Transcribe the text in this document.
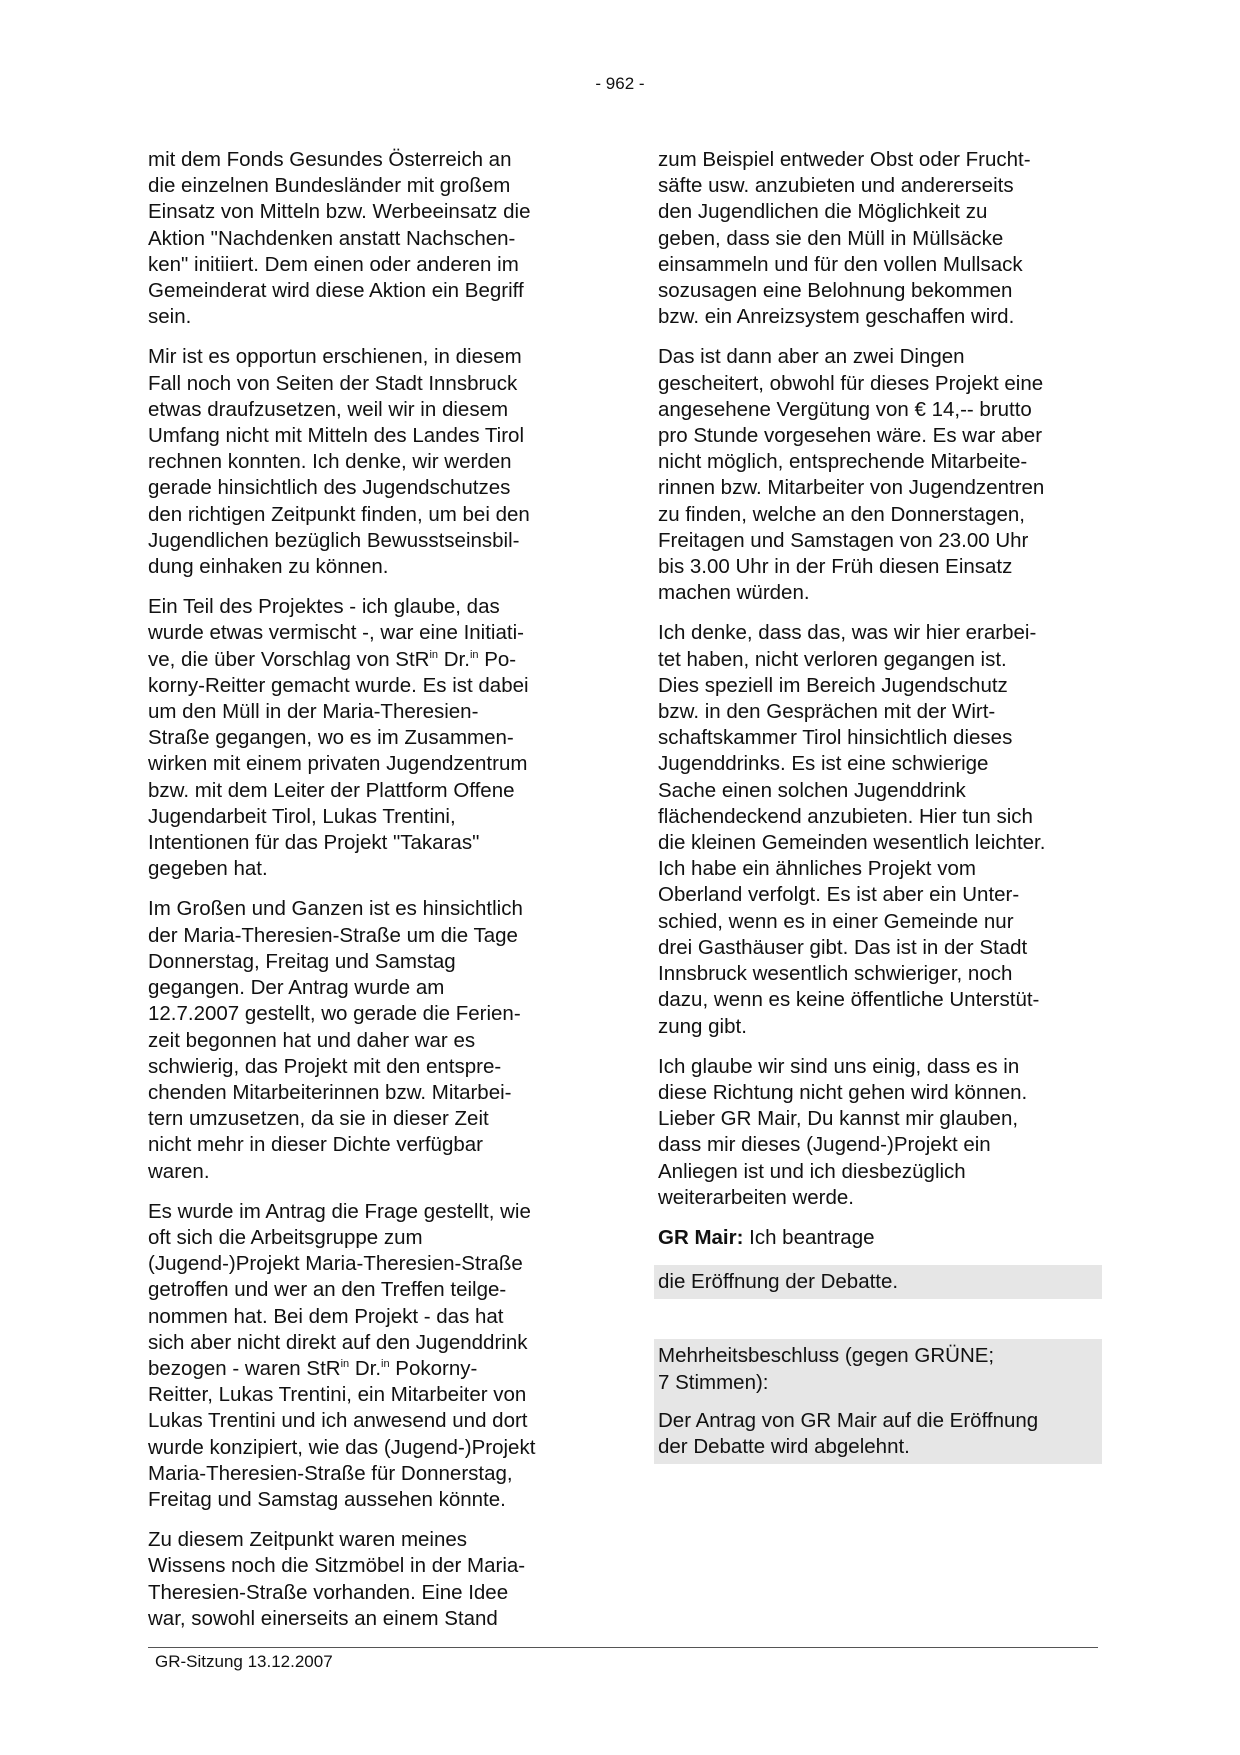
- 962 -

mit dem Fonds Gesundes Österreich an
die einzelnen Bundesländer mit großem
Einsatz von Mitteln bzw. Werbeeinsatz die
Aktion "Nachdenken anstatt Nachschen-
ken" initiiert. Dem einen oder anderen im
Gemeinderat wird diese Aktion ein Begriff
sein.

Mir ist es opportun erschienen, in diesem
Fall noch von Seiten der Stadt Innsbruck
etwas draufzusetzen, weil wir in diesem
Umfang nicht mit Mitteln des Landes Tirol
rechnen konnten. Ich denke, wir werden
gerade hinsichtlich des Jugendschutzes
den richtigen Zeitpunkt finden, um bei den
Jugendlichen bezüglich Bewusstseinsbil-
dung einhaken zu können.

Ein Teil des Projektes - ich glaube, das
wurde etwas vermischt -, war eine Initiati-
ve, die über Vorschlag von StR$^{in}$ Dr.$^{in}$ Po-
korny-Reitter gemacht wurde. Es ist dabei
um den Müll in der Maria-Theresien-
Straße gegangen, wo es im Zusammen-
wirken mit einem privaten Jugendzentrum
bzw. mit dem Leiter der Plattform Offene
Jugendarbeit Tirol, Lukas Trentini,
Intentionen für das Projekt "Takaras"
gegeben hat.

Im Großen und Ganzen ist es hinsichtlich
der Maria-Theresien-Straße um die Tage
Donnerstag, Freitag und Samstag
gegangen. Der Antrag wurde am
12.7.2007 gestellt, wo gerade die Ferien-
zeit begonnen hat und daher war es
schwierig, das Projekt mit den entspre-
chenden Mitarbeiterinnen bzw. Mitarbei-
tern umzusetzen, da sie in dieser Zeit
nicht mehr in dieser Dichte verfügbar
waren.

Es wurde im Antrag die Frage gestellt, wie
oft sich die Arbeitsgruppe zum
(Jugend-)Projekt Maria-Theresien-Straße
getroffen und wer an den Treffen teilge-
nommen hat. Bei dem Projekt - das hat
sich aber nicht direkt auf den Jugenddrink
bezogen - waren StR$^{in}$ Dr.$^{in}$ Pokorny-
Reitter, Lukas Trentini, ein Mitarbeiter von
Lukas Trentini und ich anwesend und dort
wurde konzipiert, wie das (Jugend-)Projekt
Maria-Theresien-Straße für Donnerstag,
Freitag und Samstag aussehen könnte.

Zu diesem Zeitpunkt waren meines
Wissens noch die Sitzmöbel in der Maria-
Theresien-Straße vorhanden. Eine Idee
war, sowohl einerseits an einem Stand

zum Beispiel entweder Obst oder Frucht-
säfte usw. anzubieten und andererseits
den Jugendlichen die Möglichkeit zu
geben, dass sie den Müll in Müllsäcke
einsammeln und für den vollen Mullsack
sozusagen eine Belohnung bekommen
bzw. ein Anreizsystem geschaffen wird.

Das ist dann aber an zwei Dingen
gescheitert, obwohl für dieses Projekt eine
angesehene Vergütung von € 14,-- brutto
pro Stunde vorgesehen wäre. Es war aber
nicht möglich, entsprechende Mitarbeite-
rinnen bzw. Mitarbeiter von Jugendzentren
zu finden, welche an den Donnerstagen,
Freitagen und Samstagen von 23.00 Uhr
bis 3.00 Uhr in der Früh diesen Einsatz
machen würden.

Ich denke, dass das, was wir hier erarbei-
tet haben, nicht verloren gegangen ist.
Dies speziell im Bereich Jugendschutz
bzw. in den Gesprächen mit der Wirt-
schaftskammer Tirol hinsichtlich dieses
Jugenddrinks. Es ist eine schwierige
Sache einen solchen Jugenddrink
flächendeckend anzubieten. Hier tun sich
die kleinen Gemeinden wesentlich leichter.
Ich habe ein ähnliches Projekt vom
Oberland verfolgt. Es ist aber ein Unter-
schied, wenn es in einer Gemeinde nur
drei Gasthäuser gibt. Das ist in der Stadt
Innsbruck wesentlich schwieriger, noch
dazu, wenn es keine öffentliche Unterstüt-
zung gibt.

Ich glaube wir sind uns einig, dass es in
diese Richtung nicht gehen wird können.
Lieber GR Mair, Du kannst mir glauben,
dass mir dieses (Jugend-)Projekt ein
Anliegen ist und ich diesbezüglich
weiterarbeiten werde.

GR Mair: Ich beantrage

die Eröffnung der Debatte.

Mehrheitsbeschluss (gegen GRÜNE;
7 Stimmen):

Der Antrag von GR Mair auf die Eröffnung
der Debatte wird abgelehnt.

GR-Sitzung 13.12.2007
